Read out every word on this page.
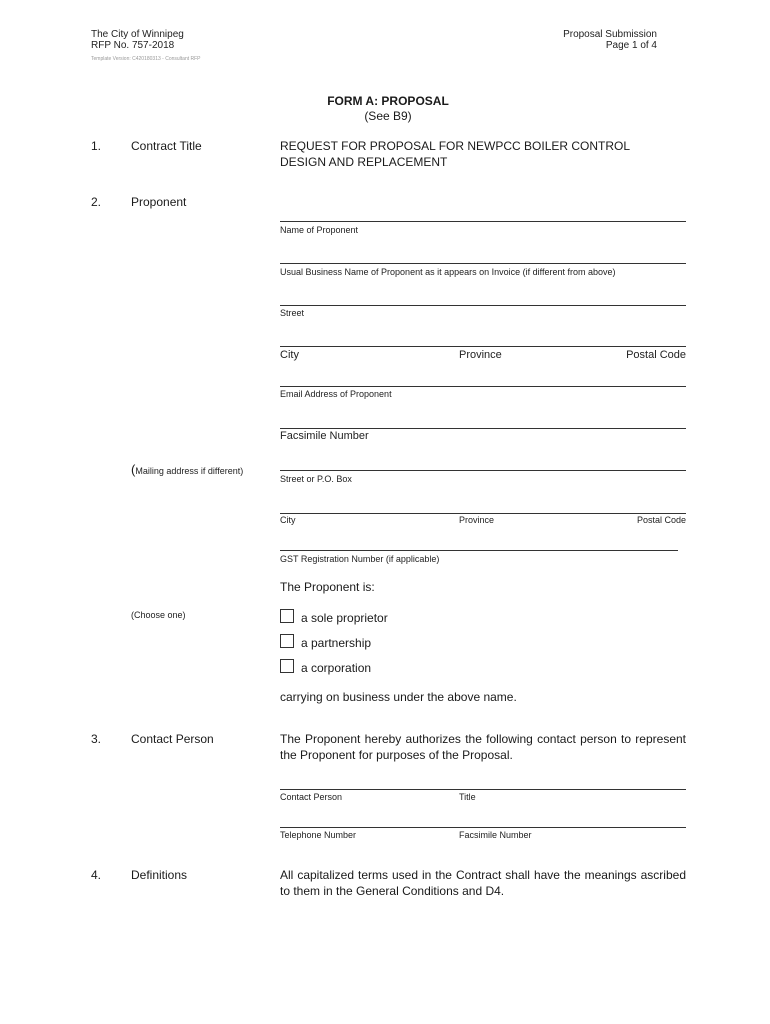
The City of Winnipeg
RFP No. 757-2018
Template Version: C420180313 - Consultant RFP
Proposal Submission
Page 1 of 4
FORM A: PROPOSAL
(See B9)
1. Contract Title	REQUEST FOR PROPOSAL FOR NEWPCC BOILER CONTROL
DESIGN AND REPLACEMENT
2. Proponent
Name of Proponent
Usual Business Name of Proponent as it appears on Invoice (if different from above)
Street
City	Province	Postal Code
Email Address of Proponent
Facsimile Number
(Mailing address if different)
Street or P.O. Box
City	Province	Postal Code
GST Registration Number (if applicable)
The Proponent is:
(Choose one)	a sole proprietor
a partnership
a corporation
carrying on business under the above name.
3. Contact Person	The Proponent hereby authorizes the following contact person to represent the Proponent for purposes of the Proposal.
Contact Person	Title
Telephone Number	Facsimile Number
4. Definitions	All capitalized terms used in the Contract shall have the meanings ascribed to them in the General Conditions and D4.
